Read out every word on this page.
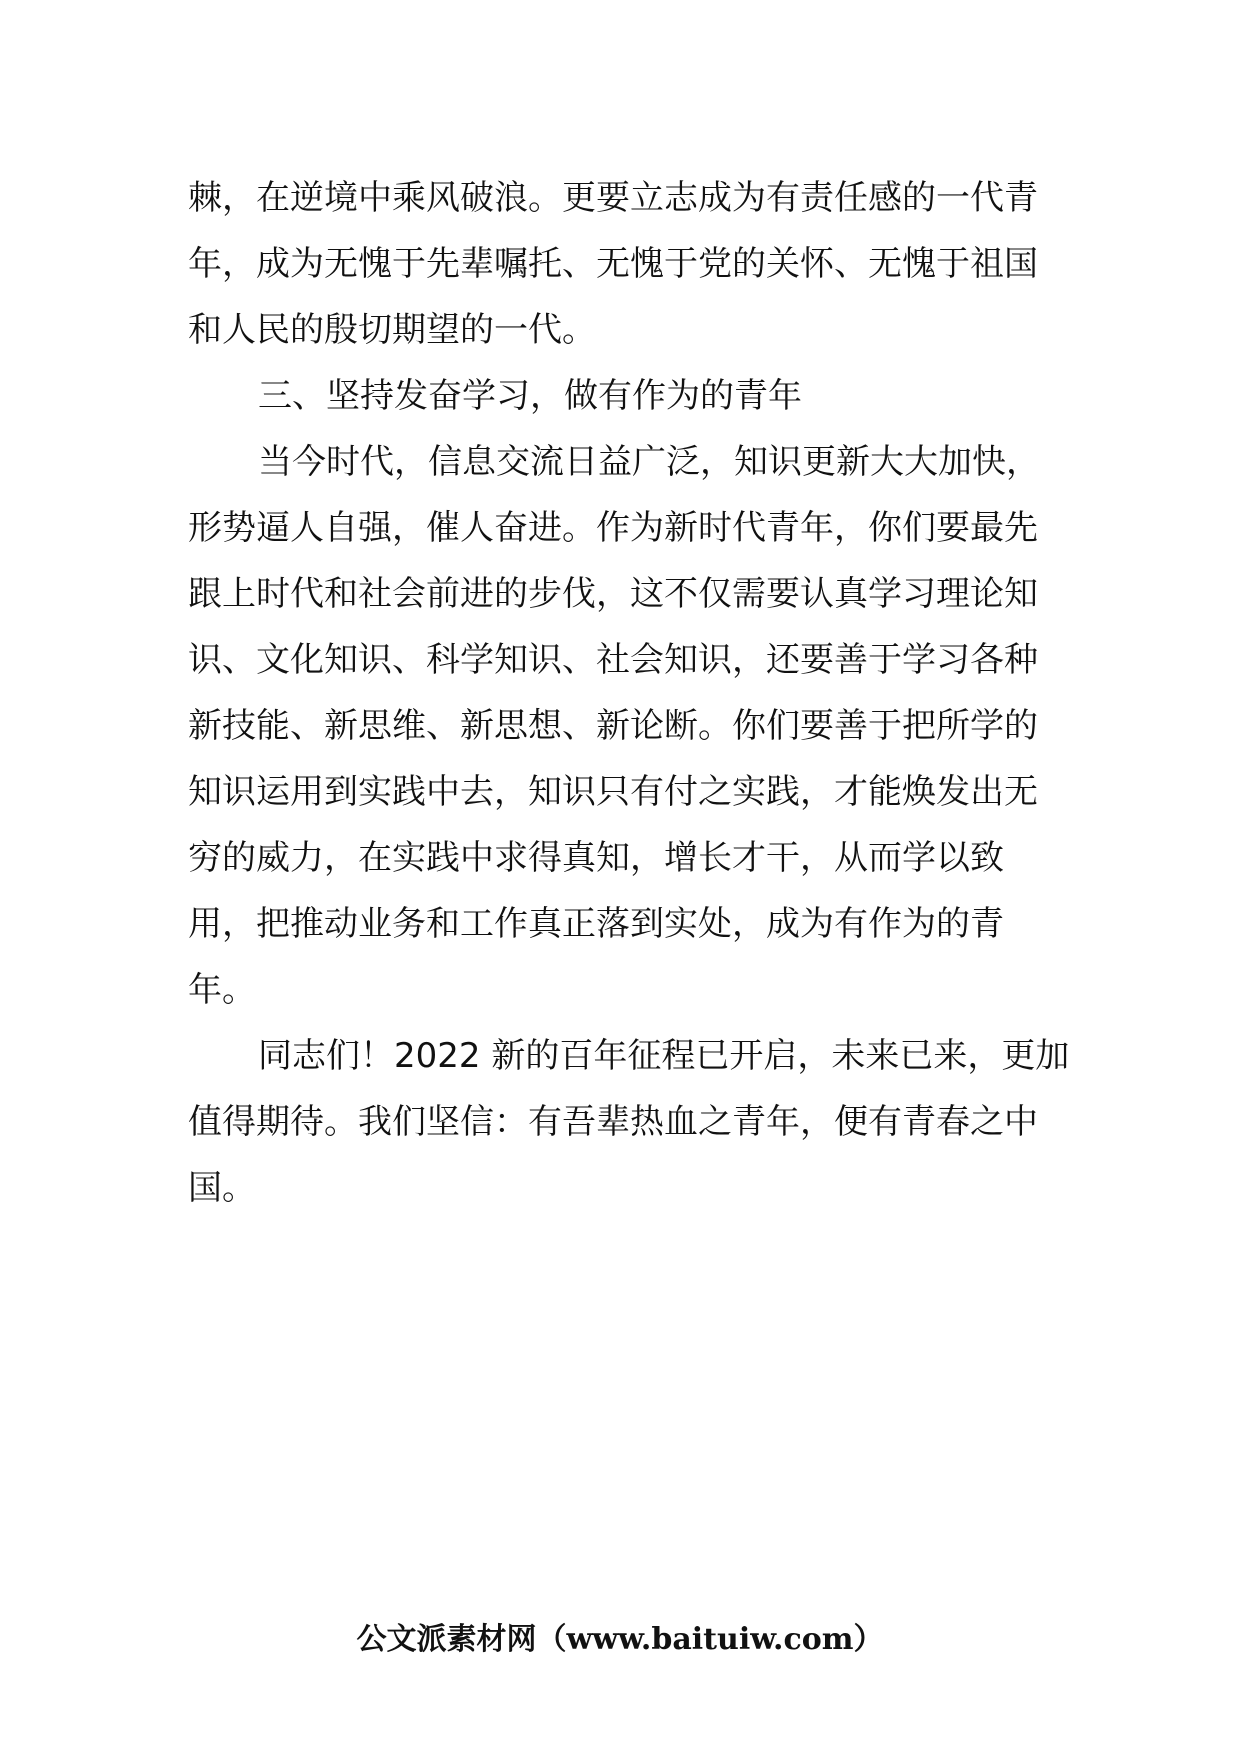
棘，在逆境中乘风破浪。更要立志成为有责任感的一代青
年，成为无愧于先辈嘱托、无愧于党的关怀、无愧于祖国
和人民的殷切期望的一代。
三、坚持发奋学习，做有作为的青年
当今时代，信息交流日益广泛，知识更新大大加快，
形势逼人自强，催人奋进。作为新时代青年，你们要最先
跟上时代和社会前进的步伐，这不仅需要认真学习理论知
识、文化知识、科学知识、社会知识，还要善于学习各种
新技能、新思维、新思想、新论断。你们要善于把所学的
知识运用到实践中去，知识只有付之实践，才能焕发出无
穷的威力，在实践中求得真知，增长才干，从而学以致
用，把推动业务和工作真正落到实处，成为有作为的青
年。
同志们！2022 新的百年征程已开启，未来已来，更加
值得期待。我们坚信：有吾辈热血之青年，便有青春之中
国。
公文派素材网（www.baituiw.com）
